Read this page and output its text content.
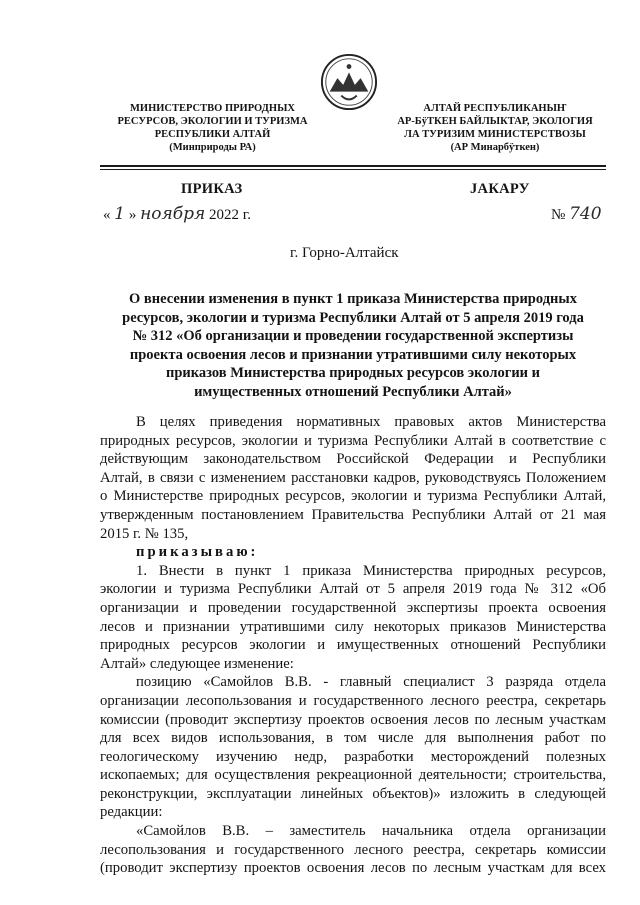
МИНИСТЕРСТВО ПРИРОДНЫХ
РЕСУРСОВ, ЭКОЛОГИИ И ТУРИЗМА
РЕСПУБЛИКИ АЛТАЙ
(Минприроды РА)
АЛТАЙ РЕСПУБЛИКАНЫҤ
АР-БÿТКЕН БАЙЛЫКТАР, ЭКОЛОГИЯ
ЛА ТУРИЗИМ МИНИСТЕРСТВОЗЫ
(АР Минарбÿткен)
ПРИКАЗ	JАКАРУ
« 1 » ноября 2022 г.	№ 740
г. Горно-Алтайск
О внесении изменения в пункт 1 приказа Министерства природных
ресурсов, экологии и туризма Республики Алтай от 5 апреля 2019 года
№ 312 «Об организации и проведении государственной экспертизы
проекта освоения лесов и признании утратившими силу некоторых
приказов Министерства природных ресурсов экологии и
имущественных отношений Республики Алтай»
В целях приведения нормативных правовых актов Министерства
природных ресурсов, экологии и туризма Республики Алтай в соответствие с
действующим законодательством Российской Федерации и Республики
Алтай, в связи с изменением расстановки кадров, руководствуясь Положением
о Министерстве природных ресурсов, экологии и туризма Республики Алтай,
утвержденным постановлением Правительства Республики Алтай от 21 мая
2015 г. № 135,
приказываю:
1. Внести в пункт 1 приказа Министерства природных ресурсов,
экологии и туризма Республики Алтай от 5 апреля 2019 года № 312 «Об
организации и проведении государственной экспертизы проекта освоения
лесов и признании утратившими силу некоторых приказов Министерства
природных ресурсов экологии и имущественных отношений Республики
Алтай» следующее изменение:
позицию «Самойлов В.В. - главный специалист 3 разряда отдела
организации лесопользования и государственного лесного реестра, секретарь
комиссии (проводит экспертизу проектов освоения лесов по лесным участкам
для всех видов использования, в том числе для выполнения работ по
геологическому изучению недр, разработки месторождений полезных
ископаемых; для осуществления рекреационной деятельности; строительства,
реконструкции, эксплуатации линейных объектов)» изложить в следующей
редакции:
«Самойлов В.В. – заместитель начальника отдела организации
лесопользования и государственного лесного реестра, секретарь комиссии
(проводит экспертизу проектов освоения лесов по лесным участкам для всех
